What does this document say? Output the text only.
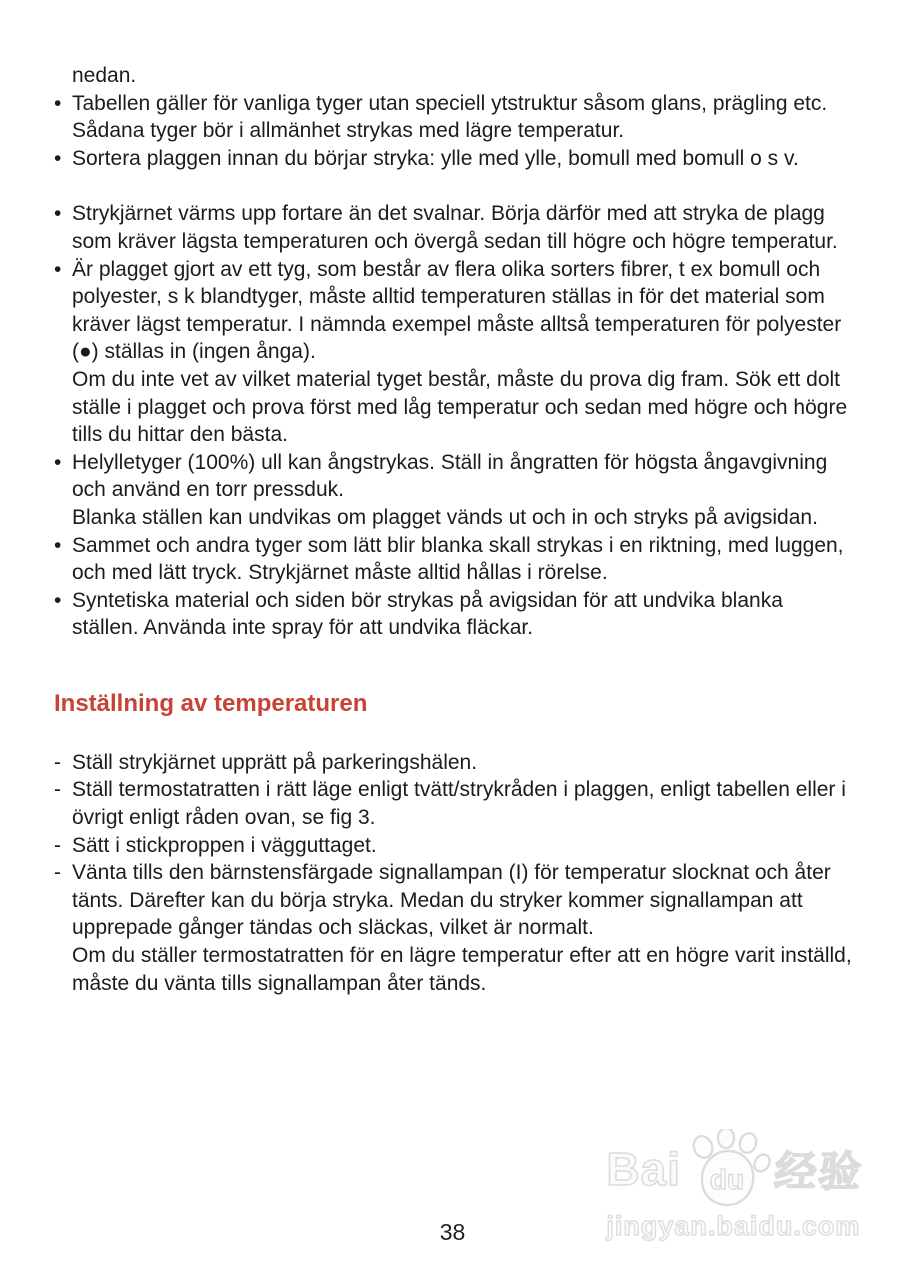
nedan.
• Tabellen gäller för vanliga tyger utan speciell ytstruktur såsom glans, prägling etc. Sådana tyger bör i allmänhet strykas med lägre temperatur.
• Sortera plaggen innan du börjar stryka: ylle med ylle, bomull med bomull o s v.
• Strykjärnet värms upp fortare än det svalnar. Börja därför med att stryka de plagg som kräver lägsta temperaturen och övergå sedan till högre och högre temperatur.
• Är plagget gjort av ett tyg, som består av flera olika sorters fibrer, t ex bomull och polyester, s k blandtyger, måste alltid temperaturen ställas in för det material som kräver lägst temperatur. I nämnda exempel måste alltså temperaturen för polyester (●) ställas in (ingen ånga).
Om du inte vet av vilket material tyget består, måste du prova dig fram. Sök ett dolt ställe i plagget och prova först med låg temperatur och sedan med högre och högre tills du hittar den bästa.
• Helylletyger (100%) ull kan ångstrykas. Ställ in ångratten för högsta ångavgivning och använd en torr pressduk.
Blanka ställen kan undvikas om plagget vänds ut och in och stryks på avigsidan.
• Sammet och andra tyger som lätt blir blanka skall strykas i en riktning, med luggen, och med lätt tryck. Strykjärnet måste alltid hållas i rörelse.
• Syntetiska material och siden bör strykas på avigsidan för att undvika blanka ställen. Använda inte spray för att undvika fläckar.
Inställning av temperaturen
- Ställ strykjärnet upprätt på parkeringshälen.
- Ställ termostatratten i rätt läge enligt tvätt/strykråden i plaggen, enligt tabellen eller i övrigt enligt råden ovan, se fig 3.
- Sätt i stickproppen i vägguttaget.
- Vänta tills den bärnstensfärgade signallampan (I) för temperatur slocknat och åter tänts. Därefter kan du börja stryka. Medan du stryker kommer signallampan att upprepade gånger tändas och släckas, vilket är normalt.
Om du ställer termostatratten för en lägre temperatur efter att en högre varit inställd, måste du vänta tills signallampan åter tänds.
Bai du 经验
jingyan.baidu.com
38
